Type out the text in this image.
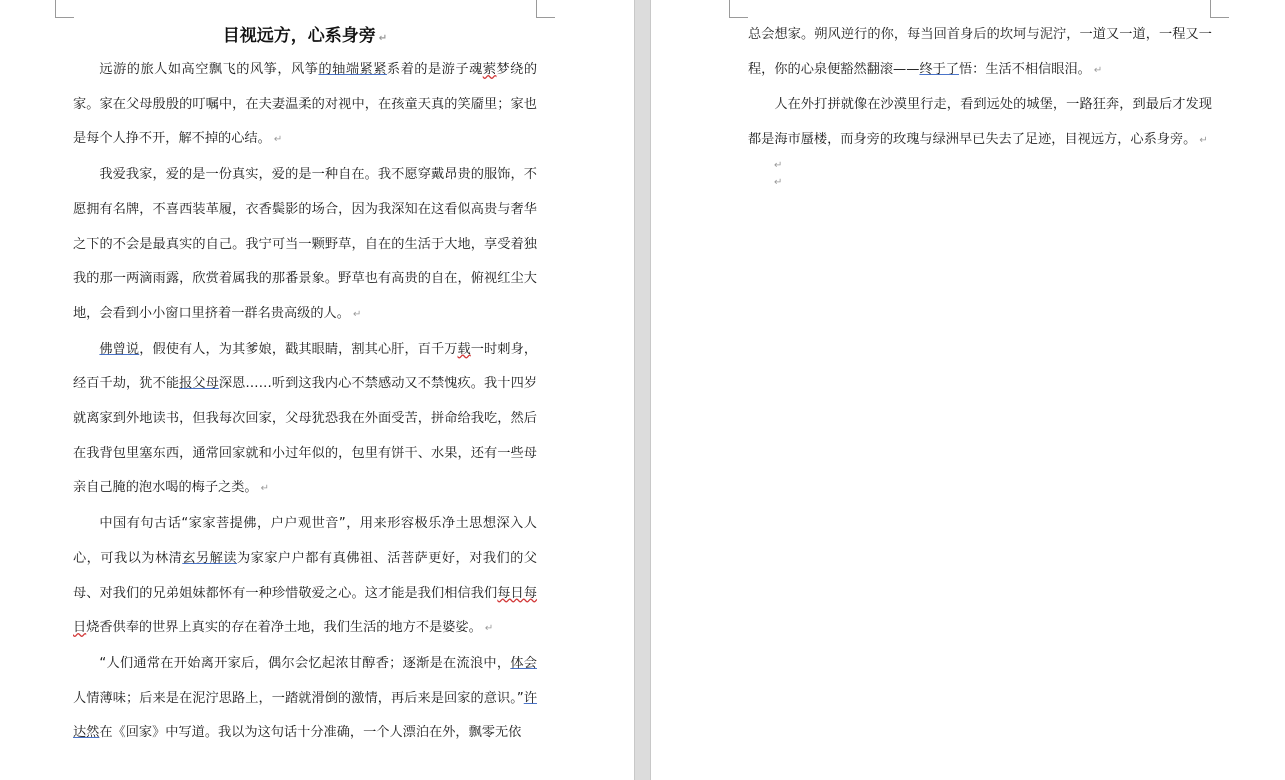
目视远方，心系身旁 ↵

远游的旅人如高空飘飞的风筝，风筝的轴端紧紧系着的是游子魂萦梦绕的家。家在父母殷殷的叮嘱中，在夫妻温柔的对视中，在孩童天真的笑靥里；家也是每个人挣不开，解不掉的心结。 ↵

我爱我家，爱的是一份真实，爱的是一种自在。我不愿穿戴昂贵的服饰，不愿拥有名牌，不喜西装革履，衣香鬓影的场合，因为我深知在这看似高贵与奢华之下的不会是最真实的自己。我宁可当一颗野草，自在的生活于大地，享受着独我的那一两滴雨露，欣赏着属我的那番景象。野草也有高贵的自在，俯视红尘大地，会看到小小窗口里挤着一群名贵高级的人。 ↵

佛曾说，假使有人，为其爹娘，戳其眼睛，割其心肝，百千万载一时刺身，经百千劫，犹不能报父母深恩……听到这我内心不禁感动又不禁愧疚。我十四岁就离家到外地读书，但我每次回家，父母犹恐我在外面受苦，拼命给我吃，然后在我背包里塞东西，通常回家就和小过年似的，包里有饼干、水果，还有一些母亲自己腌的泡水喝的梅子之类。 ↵

中国有句古话“家家菩提佛，户户观世音”，用来形容极乐净土思想深入人心，可我以为林清玄另解读为家家户户都有真佛祖、活菩萨更好，对我们的父母、对我们的兄弟姐妹都怀有一种珍惜敬爱之心。这才能是我们相信我们每日每日烧香供奉的世界上真实的存在着净土地，我们生活的地方不是婆娑。 ↵

“人们通常在开始离开家后，偶尔会忆起浓甘醇香；逐渐是在流浪中，体会人情薄味；后来是在泥泞思路上，一踏就滑倒的激情，再后来是回家的意识。”许达然在《回家》中写道。我以为这句话十分准确，一个人漂泊在外，飘零无依

总会想家。朔风逆行的你，每当回首身后的坎坷与泥泞，一道又一道，一程又一程，你的心泉便豁然翻滚——终于了悟：生活不相信眼泪。 ↵

人在外打拼就像在沙漠里行走，看到远处的城堡，一路狂奔，到最后才发现都是海市蜃楼，而身旁的玫瑰与绿洲早已失去了足迹，目视远方，心系身旁。 ↵

↵

↵
